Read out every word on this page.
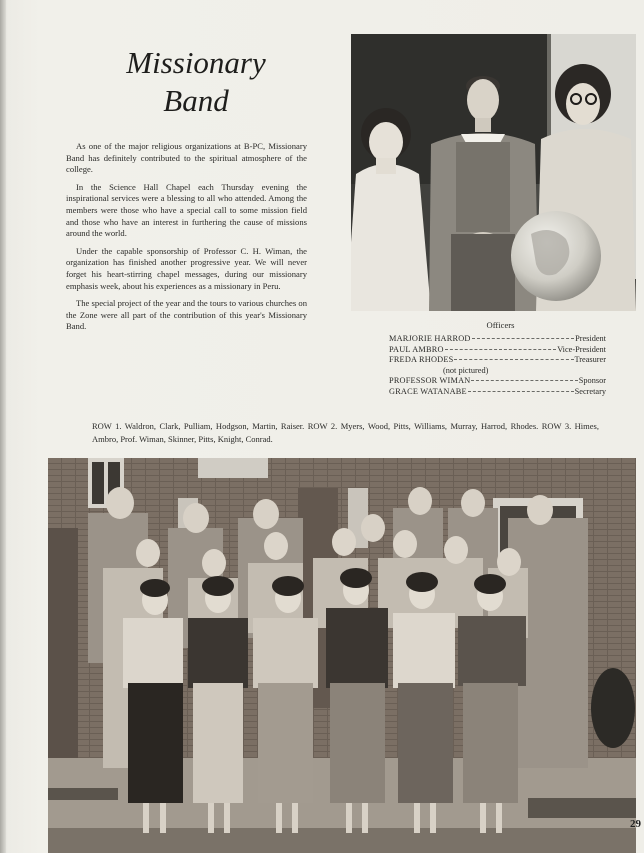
Missionary
Band

As one of the major religious organizations at B-PC, Missionary Band has definitely contributed to the spiritual atmosphere of the college.

In the Science Hall Chapel each Thursday evening the inspirational services were a blessing to all who attended. Among the members were those who have a special call to some mission field and those who have an interest in furthering the cause of missions around the world.

Under the capable sponsorship of Professor C. H. Wiman, the organization has finished another progressive year. We will never forget his heart-stirring chapel messages, during our missionary emphasis week, about his experiences as a missionary in Peru.

The special project of the year and the tours to various churches on the Zone were all part of the contribution of this year's Missionary Band.	Officers
MARJORIE HARROD	President
PAUL AMBRO	Vice-President
FREDA RHODES	Treasurer
(not pictured)
PROFESSOR WIMAN	Sponsor
GRACE WATANABE	Secretary
ROW 1. Waldron, Clark, Pulliam, Hodgson, Martin, Raiser. ROW 2. Myers, Wood, Pitts, Williams, Murray, Harrod, Rhodes. ROW 3. Himes, Ambro, Prof. Wiman, Skinner, Pitts, Knight, Conrad.
29
